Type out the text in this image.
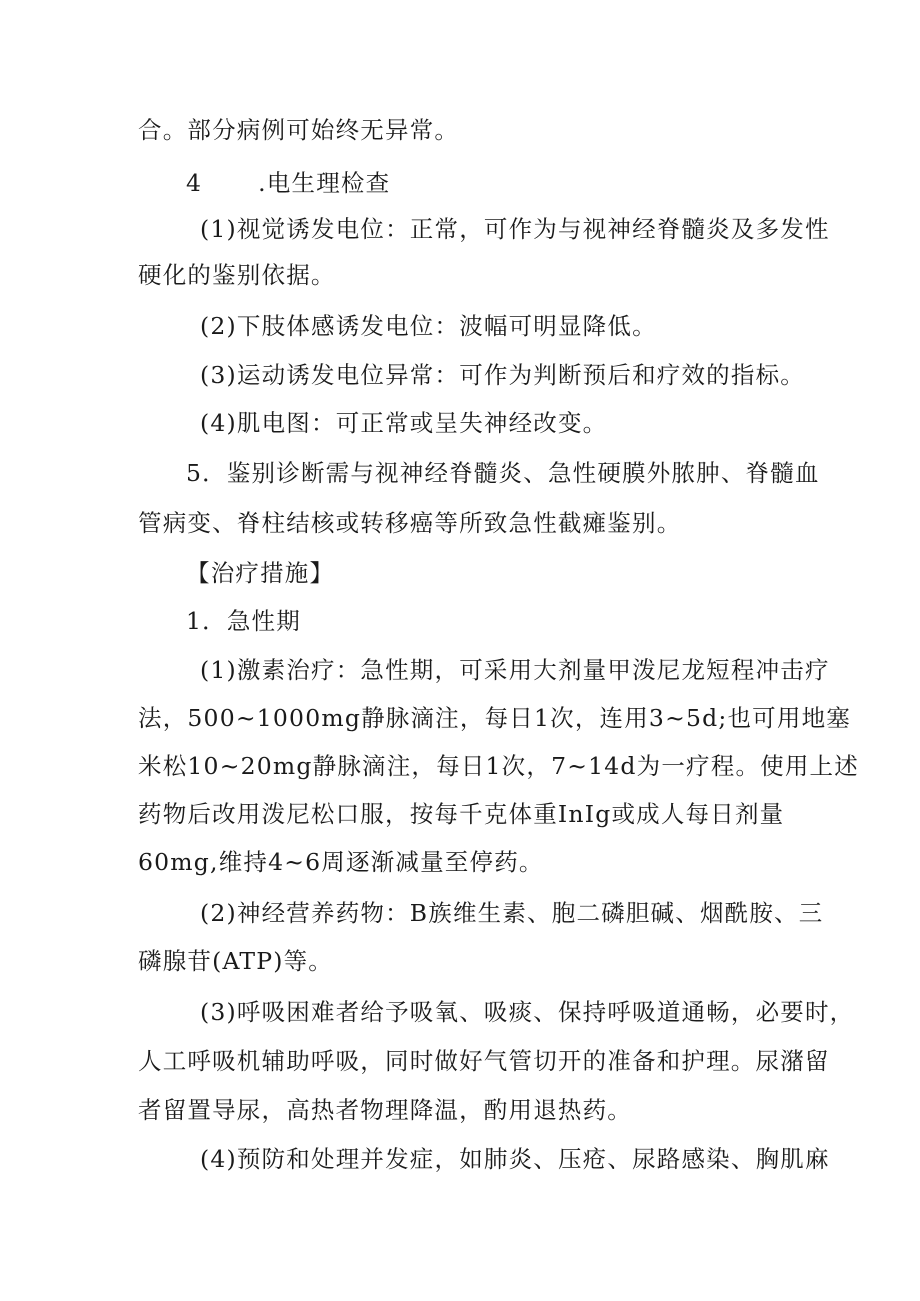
合。部分病例可始终无异常。
4 .电生理检查
(1)视觉诱发电位：正常，可作为与视神经脊髓炎及多发性
硬化的鉴别依据。
(2)下肢体感诱发电位：波幅可明显降低。
(3)运动诱发电位异常：可作为判断预后和疗效的指标。
(4)肌电图：可正常或呈失神经改变。
5．鉴别诊断需与视神经脊髓炎、急性硬膜外脓肿、脊髓血
管病变、脊柱结核或转移癌等所致急性截瘫鉴别。
【治疗措施】
1．急性期
(1)激素治疗：急性期，可采用大剂量甲泼尼龙短程冲击疗
法，500~1000mg静脉滴注，每日1次，连用3~5d;也可用地塞
米松10~20mg静脉滴注，每日1次，7~14d为一疗程。使用上述
药物后改用泼尼松口服，按每千克体重InIg或成人每日剂量
60mg,维持4~6周逐渐减量至停药。
(2)神经营养药物：B族维生素、胞二磷胆碱、烟酰胺、三
磷腺苷(ATP)等。
(3)呼吸困难者给予吸氧、吸痰、保持呼吸道通畅，必要时，
人工呼吸机辅助呼吸，同时做好气管切开的准备和护理。尿潴留
者留置导尿，高热者物理降温，酌用退热药。
(4)预防和处理并发症，如肺炎、压疮、尿路感染、胸肌麻
